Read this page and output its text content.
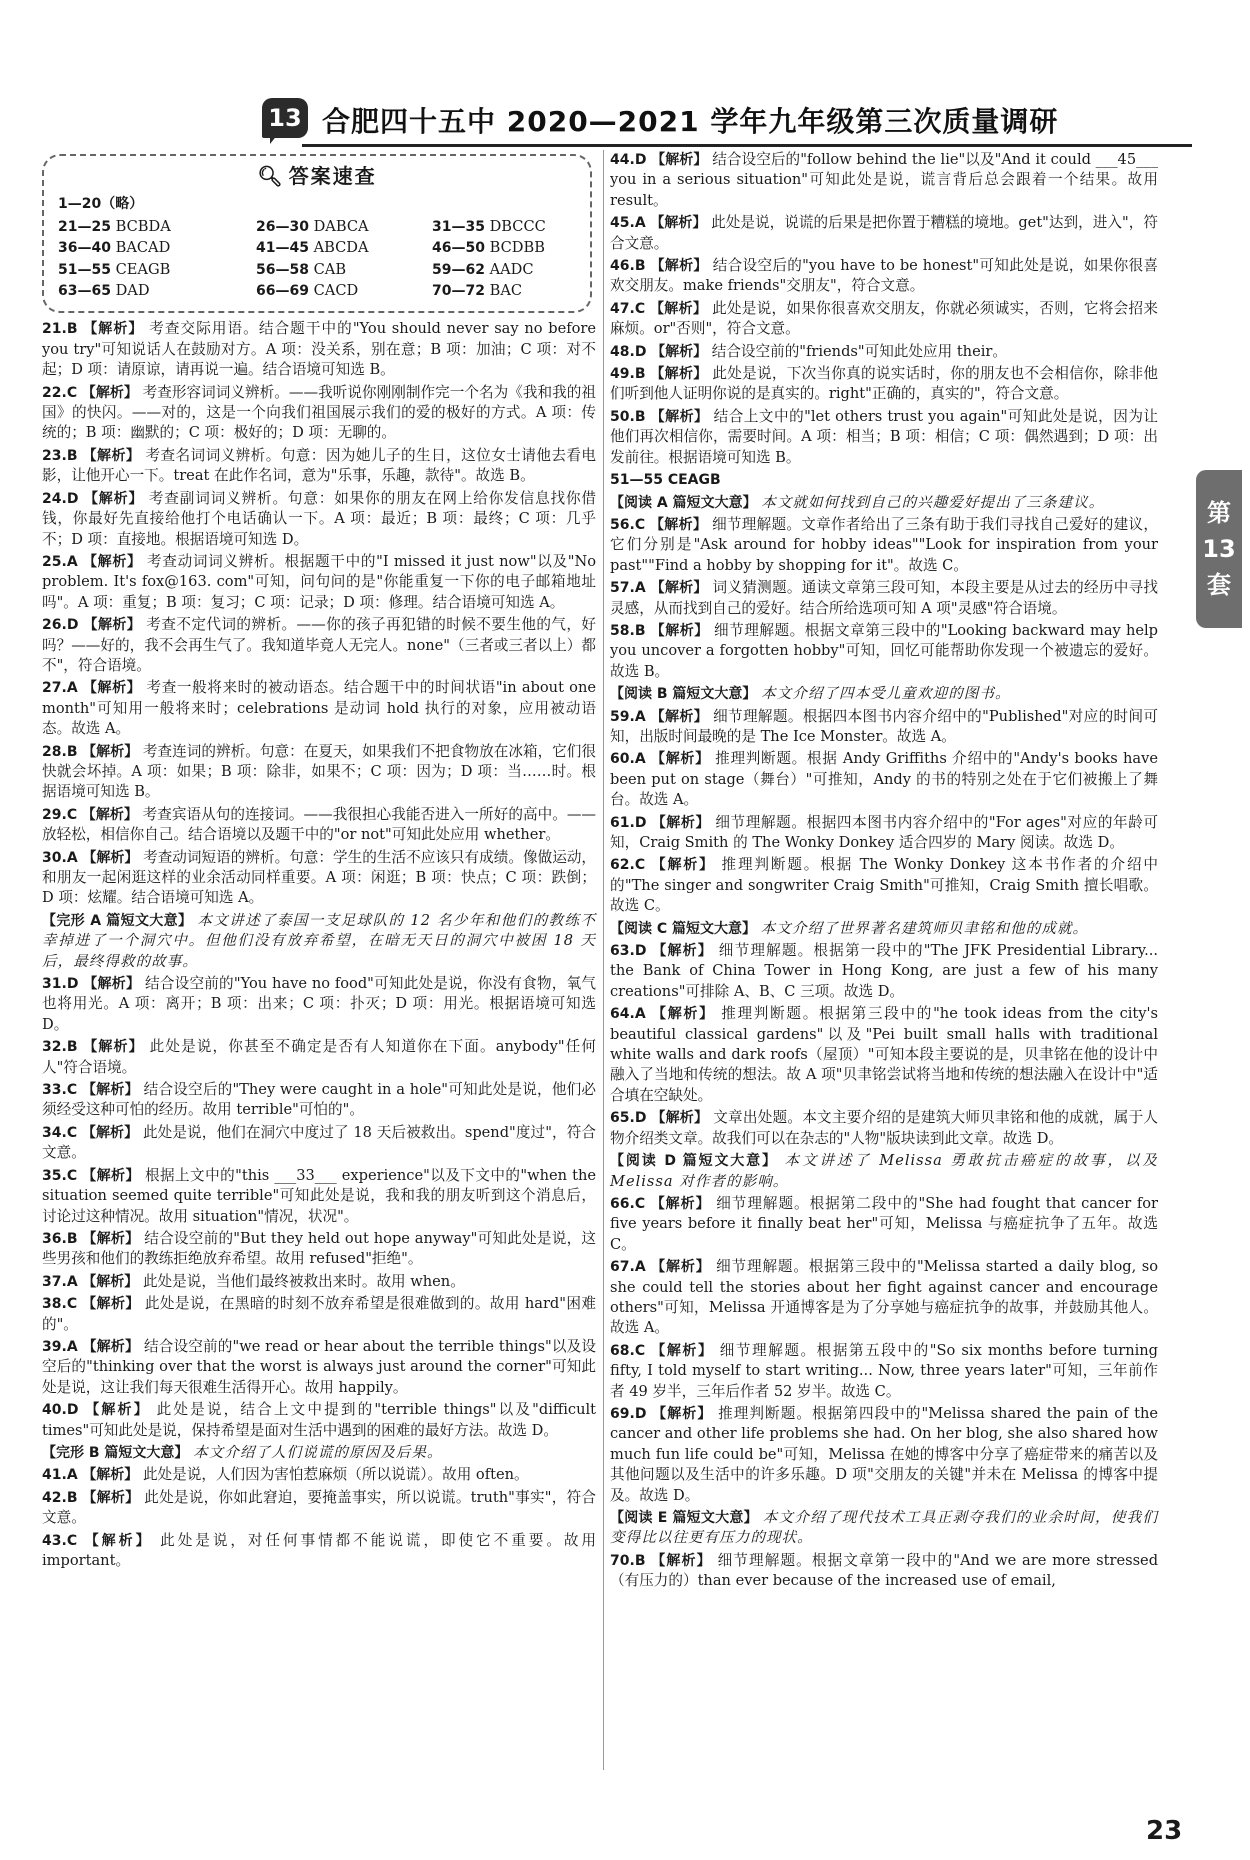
13 合肥四十五中 2020—2021 学年九年级第三次质量调研
🔍︎ 答案速查
1—20（略）
21—25 BCBDA	26—30 DABCA	31—35 DBCCC
36—40 BACAD	41—45 ABCDA	46—50 BCDBB
51—55 CEAGB	56—58 CAB	59—62 AADC
63—65 DAD	66—69 CACD	70—72 BAC
21.B 【解析】 考查交际用语。结合题干中的"You should never say no before you try"可知说话人在鼓励对方。A 项：没关系，别在意；B 项：加油；C 项：对不起；D 项：请原谅，请再说一遍。结合语境可知选 B。
22.C 【解析】 考查形容词词义辨析。——我听说你刚刚制作完一个名为《我和我的祖国》的快闪。——对的，这是一个向我们祖国展示我们的爱的极好的方式。A 项：传统的；B 项：幽默的；C 项：极好的；D 项：无聊的。
23.B 【解析】 考查名词词义辨析。句意：因为她儿子的生日，这位女士请他去看电影，让他开心一下。treat 在此作名词，意为"乐事，乐趣，款待"。故选 B。
24.D 【解析】 考查副词词义辨析。句意：如果你的朋友在网上给你发信息找你借钱，你最好先直接给他打个电话确认一下。A 项：最近；B 项：最终；C 项：几乎不；D 项：直接地。根据语境可知选 D。
25.A 【解析】 考查动词词义辨析。根据题干中的"I missed it just now"以及"No problem. It's fox@163. com"可知，问句问的是"你能重复一下你的电子邮箱地址吗"。A 项：重复；B 项：复习；C 项：记录；D 项：修理。结合语境可知选 A。
26.D 【解析】 考查不定代词的辨析。——你的孩子再犯错的时候不要生他的气，好吗？——好的，我不会再生气了。我知道毕竟人无完人。none"（三者或三者以上）都不"，符合语境。
27.A 【解析】 考查一般将来时的被动语态。结合题干中的时间状语"in about one month"可知用一般将来时；celebrations 是动词 hold 执行的对象，应用被动语态。故选 A。
28.B 【解析】 考查连词的辨析。句意：在夏天，如果我们不把食物放在冰箱，它们很快就会坏掉。A 项：如果；B 项：除非，如果不；C 项：因为；D 项：当……时。根据语境可知选 B。
29.C 【解析】 考查宾语从句的连接词。——我很担心我能否进入一所好的高中。——放轻松，相信你自己。结合语境以及题干中的"or not"可知此处应用 whether。
30.A 【解析】 考查动词短语的辨析。句意：学生的生活不应该只有成绩。像做运动，和朋友一起闲逛这样的业余活动同样重要。A 项：闲逛；B 项：快点；C 项：跌倒；D 项：炫耀。结合语境可知选 A。
【完形 A 篇短文大意】 本文讲述了泰国一支足球队的 12 名少年和他们的教练不幸掉进了一个洞穴中。但他们没有放弃希望，在暗无天日的洞穴中被困 18 天后，最终得救的故事。
31.D 【解析】 结合设空前的"You have no food"可知此处是说，你没有食物，氧气也将用光。A 项：离开；B 项：出来；C 项：扑灭；D 项：用光。根据语境可知选 D。
32.B 【解析】 此处是说，你甚至不确定是否有人知道你在下面。anybody"任何人"符合语境。
33.C 【解析】 结合设空后的"They were caught in a hole"可知此处是说，他们必须经受这种可怕的经历。故用 terrible"可怕的"。
34.C 【解析】 此处是说，他们在洞穴中度过了 18 天后被救出。spend"度过"，符合文意。
35.C 【解析】 根据上文中的"this ___33___ experience"以及下文中的"when the situation seemed quite terrible"可知此处是说，我和我的朋友听到这个消息后，讨论过这种情况。故用 situation"情况，状况"。
36.B 【解析】 结合设空前的"But they held out hope anyway"可知此处是说，这些男孩和他们的教练拒绝放弃希望。故用 refused"拒绝"。
37.A 【解析】 此处是说，当他们最终被救出来时。故用 when。
38.C 【解析】 此处是说，在黑暗的时刻不放弃希望是很难做到的。故用 hard"困难的"。
39.A 【解析】 结合设空前的"we read or hear about the terrible things"以及设空后的"thinking over that the worst is always just around the corner"可知此处是说，这让我们每天很难生活得开心。故用 happily。
40.D 【解析】 此处是说，结合上文中提到的"terrible things"以及"difficult times"可知此处是说，保持希望是面对生活中遇到的困难的最好方法。故选 D。
【完形 B 篇短文大意】 本文介绍了人们说谎的原因及后果。
41.A 【解析】 此处是说，人们因为害怕惹麻烦（所以说谎）。故用 often。
42.B 【解析】 此处是说，你如此窘迫，要掩盖事实，所以说谎。truth"事实"，符合文意。
43.C 【解析】 此处是说，对任何事情都不能说谎，即使它不重要。故用 important。
44.D 【解析】 结合设空后的"follow behind the lie"以及"And it could ___45___ you in a serious situation"可知此处是说，谎言背后总会跟着一个结果。故用 result。
45.A 【解析】 此处是说，说谎的后果是把你置于糟糕的境地。get"达到，进入"，符合文意。
46.B 【解析】 结合设空后的"you have to be honest"可知此处是说，如果你很喜欢交朋友。make friends"交朋友"，符合文意。
47.C 【解析】 此处是说，如果你很喜欢交朋友，你就必须诚实，否则，它将会招来麻烦。or"否则"，符合文意。
48.D 【解析】 结合设空前的"friends"可知此处应用 their。
49.B 【解析】 此处是说，下次当你真的说实话时，你的朋友也不会相信你，除非他们听到他人证明你说的是真实的。right"正确的，真实的"，符合文意。
50.B 【解析】 结合上文中的"let others trust you again"可知此处是说，因为让他们再次相信你，需要时间。A 项：相当；B 项：相信；C 项：偶然遇到；D 项：出发前往。根据语境可知选 B。
51—55 CEAGB
【阅读 A 篇短文大意】 本文就如何找到自己的兴趣爱好提出了三条建议。
56.C 【解析】 细节理解题。文章作者给出了三条有助于我们寻找自己爱好的建议，它们分别是"Ask around for hobby ideas""Look for inspiration from your past""Find a hobby by shopping for it"。故选 C。
57.A 【解析】 词义猜测题。通读文章第三段可知，本段主要是从过去的经历中寻找灵感，从而找到自己的爱好。结合所给选项可知 A 项"灵感"符合语境。
58.B 【解析】 细节理解题。根据文章第三段中的"Looking backward may help you uncover a forgotten hobby"可知，回忆可能帮助你发现一个被遗忘的爱好。故选 B。
【阅读 B 篇短文大意】 本文介绍了四本受儿童欢迎的图书。
59.A 【解析】 细节理解题。根据四本图书内容介绍中的"Published"对应的时间可知，出版时间最晚的是 The Ice Monster。故选 A。
60.A 【解析】 推理判断题。根据 Andy Griffiths 介绍中的"Andy's books have been put on stage（舞台）"可推知，Andy 的书的特别之处在于它们被搬上了舞台。故选 A。
61.D 【解析】 细节理解题。根据四本图书内容介绍中的"For ages"对应的年龄可知，Craig Smith 的 The Wonky Donkey 适合四岁的 Mary 阅读。故选 D。
62.C 【解析】 推理判断题。根据 The Wonky Donkey 这本书作者的介绍中的"The singer and songwriter Craig Smith"可推知，Craig Smith 擅长唱歌。故选 C。
【阅读 C 篇短文大意】 本文介绍了世界著名建筑师贝聿铭和他的成就。
63.D 【解析】 细节理解题。根据第一段中的"The JFK Presidential Library... the Bank of China Tower in Hong Kong, are just a few of his many creations"可排除 A、B、C 三项。故选 D。
64.A 【解析】 推理判断题。根据第三段中的"he took ideas from the city's beautiful classical gardens"以及"Pei built small halls with traditional white walls and dark roofs（屋顶）"可知本段主要说的是，贝聿铭在他的设计中融入了当地和传统的想法。故 A 项"贝聿铭尝试将当地和传统的想法融入在设计中"适合填在空缺处。
65.D 【解析】 文章出处题。本文主要介绍的是建筑大师贝聿铭和他的成就，属于人物介绍类文章。故我们可以在杂志的"人物"版块读到此文章。故选 D。
【阅读 D 篇短文大意】 本文讲述了 Melissa 勇敢抗击癌症的故事，以及 Melissa 对作者的影响。
66.C 【解析】 细节理解题。根据第二段中的"She had fought that cancer for five years before it finally beat her"可知，Melissa 与癌症抗争了五年。故选 C。
67.A 【解析】 细节理解题。根据第三段中的"Melissa started a daily blog, so she could tell the stories about her fight against cancer and encourage others"可知，Melissa 开通博客是为了分享她与癌症抗争的故事，并鼓励其他人。故选 A。
68.C 【解析】 细节理解题。根据第五段中的"So six months before turning fifty, I told myself to start writing... Now, three years later"可知，三年前作者 49 岁半，三年后作者 52 岁半。故选 C。
69.D 【解析】 推理判断题。根据第四段中的"Melissa shared the pain of the cancer and other life problems she had. On her blog, she also shared how much fun life could be"可知，Melissa 在她的博客中分享了癌症带来的痛苦以及其他问题以及生活中的许多乐趣。D 项"交朋友的关键"并未在 Melissa 的博客中提及。故选 D。
【阅读 E 篇短文大意】 本文介绍了现代技术工具正剥夺我们的业余时间，使我们变得比以往更有压力的现状。
70.B 【解析】 细节理解题。根据文章第一段中的"And we are more stressed（有压力的）than ever because of the increased use of email,
第
13
套
23
